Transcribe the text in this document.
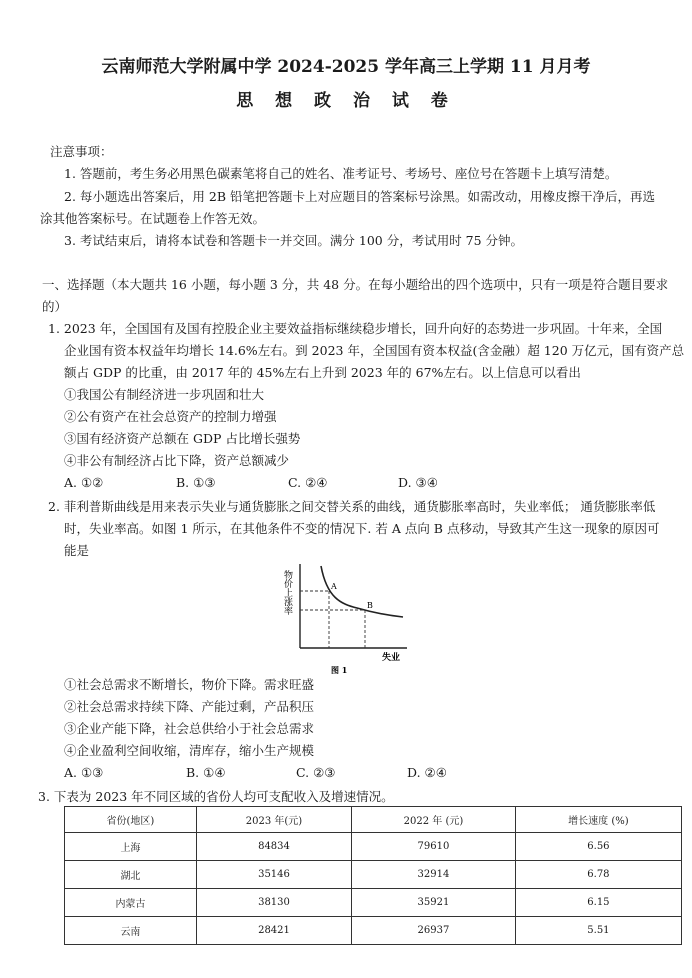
云南师范大学附属中学 2024-2025 学年高三上学期 11 月月考
思 想 政 治 试 卷
注意事项：
1. 答题前，考生务必用黑色碳素笔将自己的姓名、准考证号、考场号、座位号在答题卡上填写清楚。
2. 每小题选出答案后，用 2B 铅笔把答题卡上对应题目的答案标号涂黑。如需改动，用橡皮擦干净后，再选
涂其他答案标号。在试题卷上作答无效。
3. 考试结束后，请将本试卷和答题卡一并交回。满分 100 分，考试用时 75 分钟。
一、选择题（本大题共 16 小题，每小题 3 分，共 48 分。在每小题给出的四个选项中，只有一项是符合题目要求
的）
1. 2023 年，全国国有及国有控股企业主要效益指标继续稳步增长，回升向好的态势进一步巩固。十年来，全国
企业国有资本权益年均增长 14.6%左右。到 2023 年，全国国有资本权益(含金融）超 120 万亿元，国有资产总
额占 GDP 的比重，由 2017 年的 45%左右上升到 2023 年的 67%左右。以上信息可以看出
①我国公有制经济进一步巩固和壮大
②公有资产在社会总资产的控制力增强
③国有经济资产总额在 GDP 占比增长强势
④非公有制经济占比下降，资产总额减少
A. ①②	B. ①③	C. ②④	D. ③④
2. 菲利普斯曲线是用来表示失业与通货膨胀之间交替关系的曲线，通货膨胀率高时，失业率低； 通货膨胀率低
时，失业率高。如图 1 所示，在其他条件不变的情况下. 若 A 点向 B 点移动，导致其产生这一现象的原因可
能是
物价上涨率	A
B
失业
图 1
①社会总需求不断增长，物价下降。需求旺盛
②社会总需求持续下降、产能过剩，产品积压
③企业产能下降，社会总供给小于社会总需求
④企业盈利空间收缩，清库存，缩小生产规模
A. ①③	B. ①④	C. ②③	D. ②④
3. 下表为 2023 年不同区域的省份人均可支配收入及增速情况。
省份(地区)	2023 年(元)	2022 年 (元)	增长速度 (%)
上海	84834	79610	6.56
湖北	35146	32914	6.78
内蒙古	38130	35921	6.15
云南	28421	26937	5.51
